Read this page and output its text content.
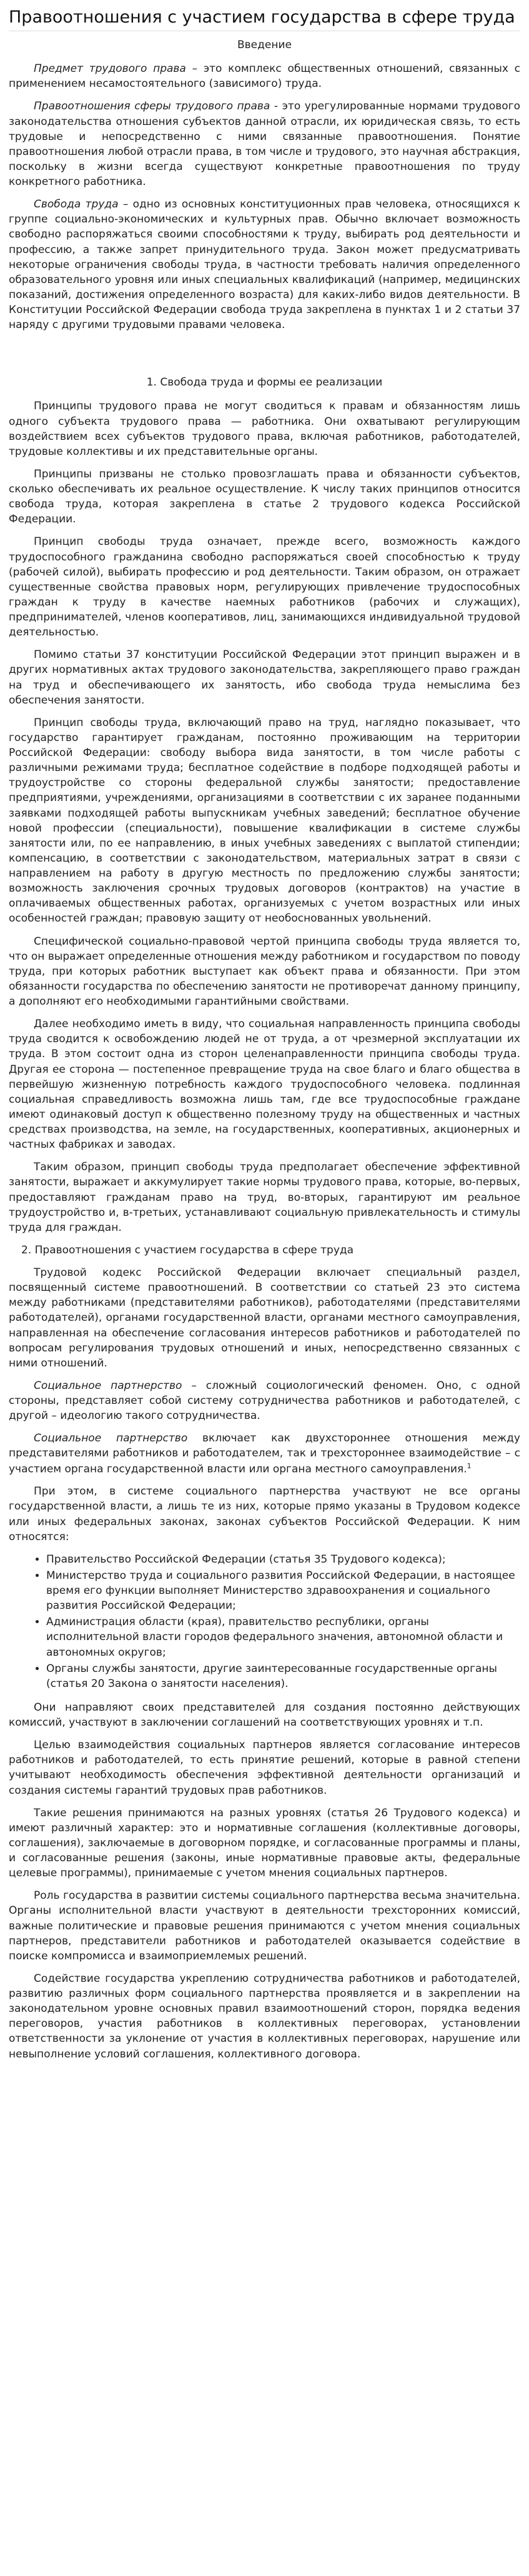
Правоотношения с участием государства в сфере труда

Введение

Предмет трудового права – это комплекс общественных отношений, связанных с применением несамостоятельного (зависимого) труда.

Правоотношения сферы трудового права - это урегулированные нормами трудового законодательства отношения субъектов данной отрасли, их юридическая связь, то есть трудовые и непосредственно с ними связанные правоотношения. Понятие правоотношения любой отрасли права, в том числе и трудового, это научная абстракция, поскольку в жизни всегда существуют конкретные правоотношения по труду конкретного работника.

Свобода труда – одно из основных конституционных прав человека, относящихся к группе социально-экономических и культурных прав. Обычно включает возможность свободно распоряжаться своими способностями к труду, выбирать род деятельности и профессию, а также запрет принудительного труда. Закон может предусматривать некоторые ограничения свободы труда, в частности требовать наличия определенного образовательного уровня или иных специальных квалификаций (например, медицинских показаний, достижения определенного возраста) для каких-либо видов деятельности. В Конституции Российской Федерации свобода труда закреплена в пунктах 1 и 2 статьи 37 наряду с другими трудовыми правами человека.

1. Свобода труда и формы ее реализации

Принципы трудового права не могут сводиться к правам и обязанностям лишь одного субъекта трудового права — работника. Они охватывают регулирующим воздействием всех субъектов трудового права, включая работников, работодателей, трудовые коллективы и их представительные органы.

Принципы призваны не столько провозглашать права и обязанности субъектов, сколько обеспечивать их реальное осуществление. К числу таких принципов относится свобода труда, которая закреплена в статье 2 трудового кодекса Российской Федерации.

Принцип свободы труда означает, прежде всего, возможность каждого трудоспособного гражданина свободно распоряжаться своей способностью к труду (рабочей силой), выбирать профессию и род деятельности. Таким образом, он отражает существенные свойства правовых норм, регулирующих привлечение трудоспособных граждан к труду в качестве наемных работников (рабочих и служащих), предпринимателей, членов кооперативов, лиц, занимающихся индивидуальной трудовой деятельностью.

Помимо статьи 37 конституции Российской Федерации этот принцип выражен и в других нормативных актах трудового законодательства, закрепляющего право граждан на труд и обеспечивающего их занятость, ибо свобода труда немыслима без обеспечения занятости.

Принцип свободы труда, включающий право на труд, наглядно показывает, что государство гарантирует гражданам, постоянно проживающим на территории Российской Федерации: свободу выбора вида занятости, в том числе работы с различными режимами труда; бесплатное содействие в подборе подходящей работы и трудоустройстве со стороны федеральной службы занятости; предоставление предприятиями, учреждениями, организациями в соответствии с их заранее поданными заявками подходящей работы выпускникам учебных заведений; бесплатное обучение новой профессии (специальности), повышение квалификации в системе службы занятости или, по ее направлению, в иных учебных заведениях с выплатой стипендии; компенсацию, в соответствии с законодательством, материальных затрат в связи с направлением на работу в другую местность по предложению службы занятости; возможность заключения срочных трудовых договоров (контрактов) на участие в оплачиваемых общественных работах, организуемых с учетом возрастных или иных особенностей граждан; правовую защиту от необоснованных увольнений.

Специфической социально-правовой чертой принципа свободы труда является то, что он выражает определенные отношения между работником и государством по поводу труда, при которых работник выступает как объект права и обязанности. При этом обязанности государства по обеспечению занятости не противоречат данному принципу, а дополняют его необходимыми гарантийными свойствами.

Далее необходимо иметь в виду, что социальная направленность принципа свободы труда сводится к освобождению людей не от труда, а от чрезмерной эксплуатации их труда. В этом состоит одна из сторон целенаправленности принципа свободы труда. Другая ее сторона — постепенное превращение труда на свое благо и благо общества в первейшую жизненную потребность каждого трудоспособного человека. подлинная социальная справедливость возможна лишь там, где все трудоспособные граждане имеют одинаковый доступ к общественно полезному труду на общественных и частных средствах производства, на земле, на государственных, кооперативных, акционерных и частных фабриках и заводах.

Таким образом, принцип свободы труда предполагает обеспечение эффективной занятости, выражает и аккумулирует такие нормы трудового права, которые, во-первых, предоставляют гражданам право на труд, во-вторых, гарантируют им реальное трудоустройство и, в-третьих, устанавливают социальную привлекательность и стимулы труда для граждан.

2. Правоотношения с участием государства в сфере труда

Трудовой кодекс Российской Федерации включает специальный раздел, посвященный системе правоотношений. В соответствии со статьей 23 это система между работниками (представителями работников), работодателями (представителями работодателей), органами государственной власти, органами местного самоуправления, направленная на обеспечение согласования интересов работников и работодателей по вопросам регулирования трудовых отношений и иных, непосредственно связанных с ними отношений.

Социальное партнерство – сложный социологический феномен. Оно, с одной стороны, представляет собой систему сотрудничества работников и работодателей, с другой – идеологию такого сотрудничества.

Социальное партнерство включает как двухстороннее отношения между представителями работников и работодателем, так и трехстороннее взаимодействие – с участием органа государственной власти или органа местного самоуправления.$^1$

При этом, в системе социального партнерства участвуют не все органы государственной власти, а лишь те из них, которые прямо указаны в Трудовом кодексе или иных федеральных законах, законах субъектов Российской Федерации. К ним относятся:

• Правительство Российской Федерации (статья 35 Трудового кодекса);
• Министерство труда и социального развития Российской Федерации, в настоящее время его функции выполняет Министерство здравоохранения и социального развития Российской Федерации;
• Администрация области (края), правительство республики, органы исполнительной власти городов федерального значения, автономной области и автономных округов;
• Органы службы занятости, другие заинтересованные государственные органы (статья 20 Закона о занятости населения).

Они направляют своих представителей для создания постоянно действующих комиссий, участвуют в заключении соглашений на соответствующих уровнях и т.п.

Целью взаимодействия социальных партнеров является согласование интересов работников и работодателей, то есть принятие решений, которые в равной степени учитывают необходимость обеспечения эффективной деятельности организаций и создания системы гарантий трудовых прав работников.

Такие решения принимаются на разных уровнях (статья 26 Трудового кодекса) и имеют различный характер: это и нормативные соглашения (коллективные договоры, соглашения), заключаемые в договорном порядке, и согласованные программы и планы, и согласованные решения (законы, иные нормативные правовые акты, федеральные целевые программы), принимаемые с учетом мнения социальных партнеров.

Роль государства в развитии системы социального партнерства весьма значительна. Органы исполнительной власти участвуют в деятельности трехсторонних комиссий, важные политические и правовые решения принимаются с учетом мнения социальных партнеров, представители работников и работодателей оказывается содействие в поиске компромисса и взаимоприемлемых решений.

Содействие государства укреплению сотрудничества работников и работодателей, развитию различных форм социального партнерства проявляется и в закреплении на законодательном уровне основных правил взаимоотношений сторон, порядка ведения переговоров, участия работников в коллективных переговорах, установлении ответственности за уклонение от участия в коллективных переговорах, нарушение или невыполнение условий соглашения, коллективного договора.
